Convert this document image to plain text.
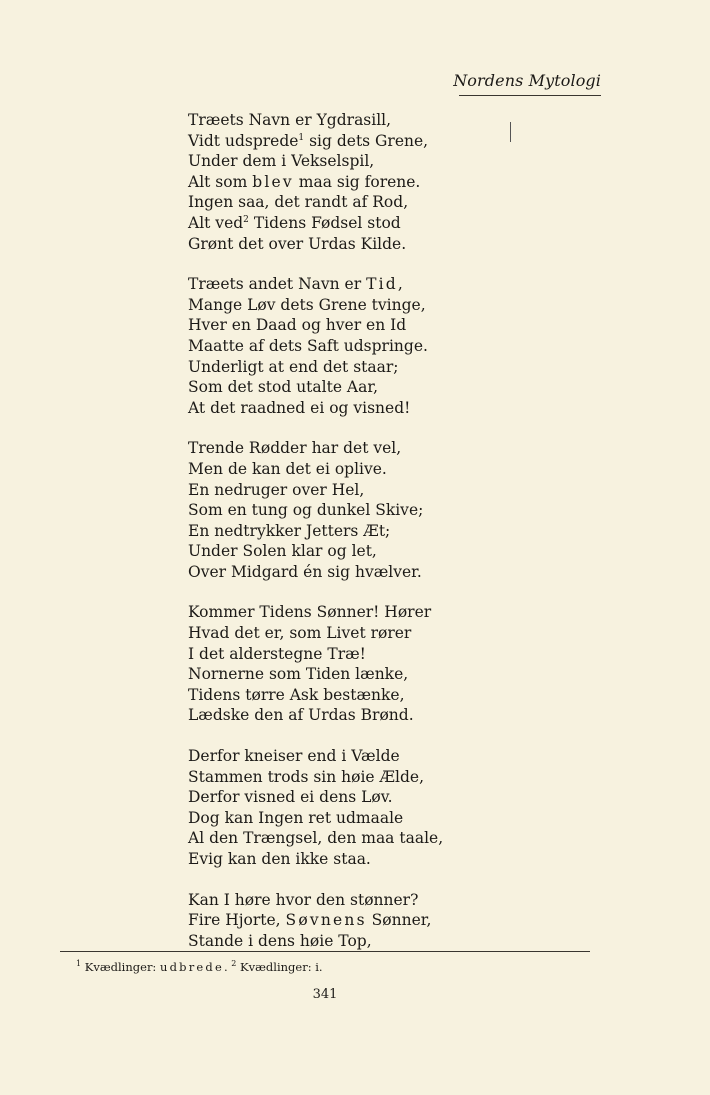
Nordens Mytologi
Træets Navn er Ygdrasill,
Vidt udsprede$^1$ sig dets Grene,
Under dem i Vekselspil,
Alt som blev maa sig forene.
Ingen saa, det randt af Rod,
Alt ved$^2$ Tidens Fødsel stod
Grønt det over Urdas Kilde.
Træets andet Navn er Tid,
Mange Løv dets Grene tvinge,
Hver en Daad og hver en Id
Maatte af dets Saft udspringe.
Underligt at end det staar;
Som det stod utalte Aar,
At det raadned ei og visned!
Trende Rødder har det vel,
Men de kan det ei oplive.
En nedruger over Hel,
Som en tung og dunkel Skive;
En nedtrykker Jetters Æt;
Under Solen klar og let,
Over Midgard én sig hvælver.
Kommer Tidens Sønner! Hører
Hvad det er, som Livet rører
I det alderstegne Træ!
Nornerne som Tiden lænke,
Tidens tørre Ask bestænke,
Lædske den af Urdas Brønd.
Derfor kneiser end i Vælde
Stammen trods sin høie Ælde,
Derfor visned ei dens Løv.
Dog kan Ingen ret udmaale
Al den Trængsel, den maa taale,
Evig kan den ikke staa.
Kan I høre hvor den stønner?
Fire Hjorte, Søvnens Sønner,
Stande i dens høie Top,
$^1$ Kvædlinger: udbrede. $^2$ Kvædlinger: i.
341
